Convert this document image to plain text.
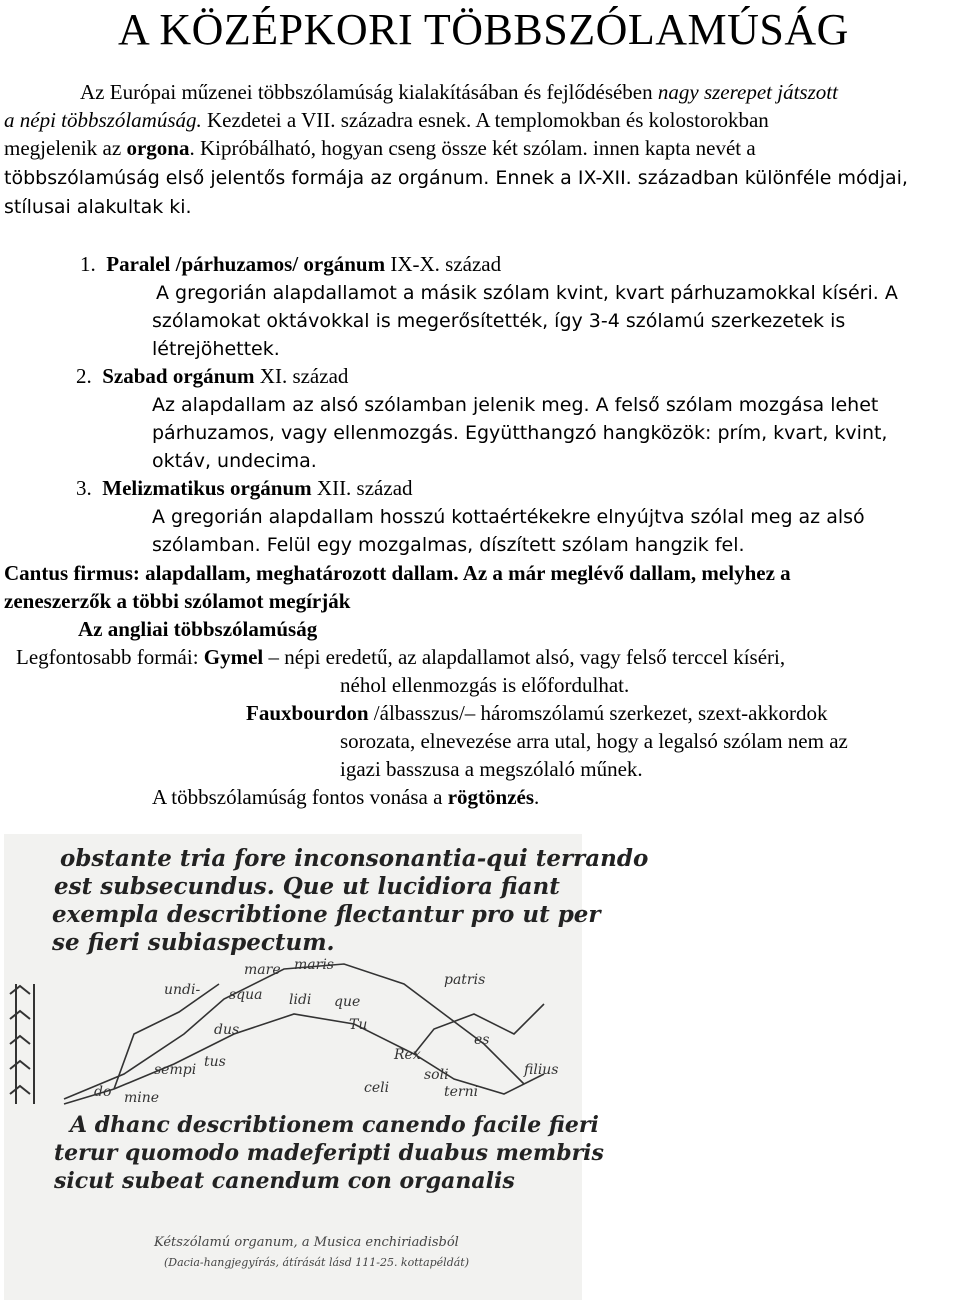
A KÖZÉPKORI TÖBBSZÓLAMÚSÁG
Az Európai műzenei többszólamúság kialakításában és fejlődésében nagy szerepet játszott
a népi többszólamúság. Kezdetei a VII. századra esnek. A templomokban és kolostorokban
megjelenik az orgona. Kipróbálható, hogyan cseng össze két szólam. innen kapta nevét a
többszólamúság első jelentős formája az orgánum. Ennek a IX-XII. században különféle módjai,
stílusai alakultak ki.
1. Paralel /párhuzamos/ orgánum IX-X. század
A gregorián alapdallamot a másik szólam kvint, kvart párhuzamokkal kíséri. A
szólamokat oktávokkal is megerősítették, így 3-4 szólamú szerkezetek is
létrejöhettek.
2. Szabad orgánum XI. század
Az alapdallam az alsó szólamban jelenik meg. A felső szólam mozgása lehet
párhuzamos, vagy ellenmozgás. Együtthangzó hangközök: prím, kvart, kvint,
oktáv, undecima.
3. Melizmatikus orgánum XII. század
A gregorián alapdallam hosszú kottaértékekre elnyújtva szólal meg az alsó
szólamban. Felül egy mozgalmas, díszített szólam hangzik fel.
Cantus firmus: alapdallam, meghatározott dallam. Az a már meglévő dallam, melyhez a
zeneszerzők a többi szólamot megírják
Az angliai többszólamúság
Legfontosabb formái: Gymel – népi eredetű, az alapdallamot alsó, vagy felső terccel kíséri,
néhol ellenmozgás is előfordulhat.
Fauxbourdon /álbasszus/– háromszólamú szerkezet, szext-akkordok
sorozata, elnevezése arra utal, hogy a legalsó szólam nem az
igazi basszusa a megszólaló műnek.
A többszólamúság fontos vonása a rögtönzés.
obstante tria fore inconsonantia-qui terrando
est subsecundus. Que ut lucidiora fiant
exempla describtione flectantur pro ut per
se fieri subiaspectum.
mare maris
undi-
Tu
patris
dus
Rex
celi
do mine
sempi
squa lidi que
soli
terni
tus
es
filius
A dhanc describtionem canendo facile fieri
terur quomodo madeferipti duabus membris
sicut subeat canendum con organalis
Kétszólamú organum, a Musica enchiriadisból
(Dacia-hangjegyírás, átírását lásd 111-25. kottapéldát)
